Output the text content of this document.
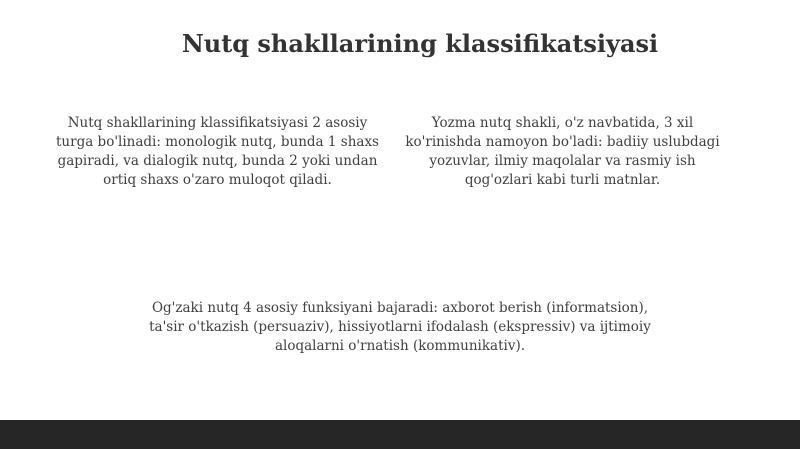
Nutq shakllarining klassifikatsiyasi
Nutq shakllarining klassifikatsiyasi 2 asosiy turga bo'linadi: monologik nutq, bunda 1 shaxs gapiradi, va dialogik nutq, bunda 2 yoki undan ortiq shaxs o'zaro muloqot qiladi.
Yozma nutq shakli, o'z navbatida, 3 xil ko'rinishda namoyon bo'ladi: badiiy uslubdagi yozuvlar, ilmiy maqolalar va rasmiy ish qog'ozlari kabi turli matnlar.
Og'zaki nutq 4 asosiy funksiyani bajaradi: axborot berish (informatsion), ta'sir o'tkazish (persuaziv), hissiyotlarni ifodalash (ekspressiv) va ijtimoiy aloqalarni o'rnatish (kommunikativ).
